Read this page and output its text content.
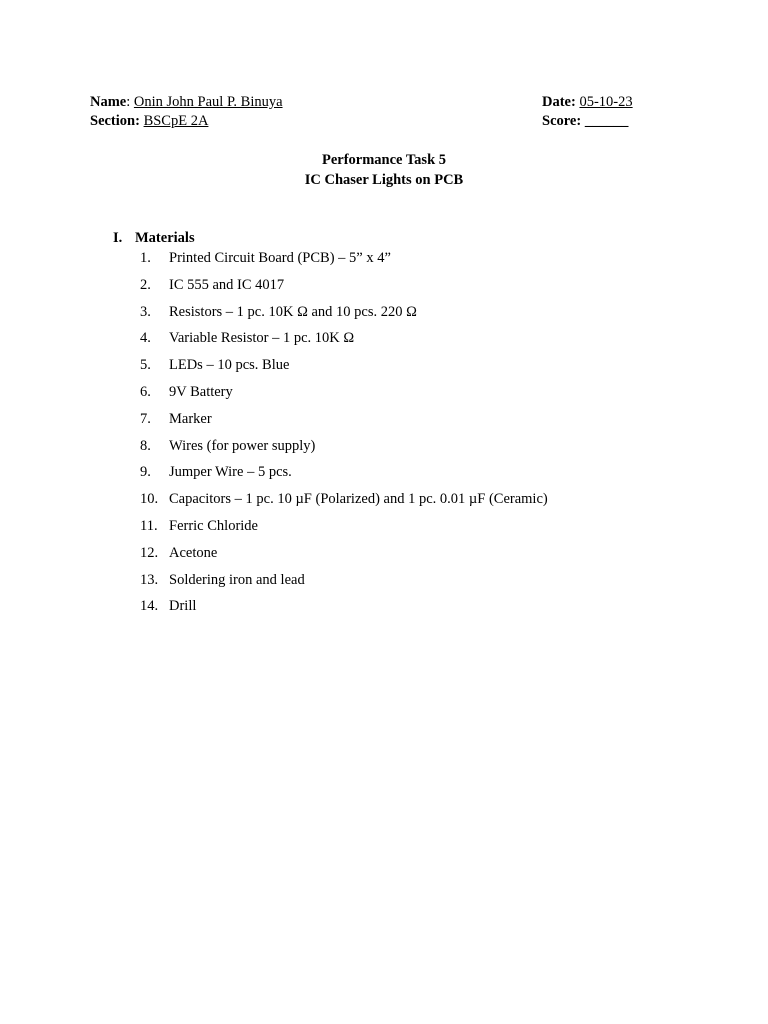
Name: Onin John Paul P. Binuya	Date: 05-10-23
Section: BSCpE 2A	Score: ______
Performance Task 5
IC Chaser Lights on PCB
I. Materials
1. Printed Circuit Board (PCB) – 5” x 4”
2. IC 555 and IC 4017
3. Resistors – 1 pc. 10K Ω and 10 pcs. 220 Ω
4. Variable Resistor – 1 pc. 10K Ω
5. LEDs – 10 pcs. Blue
6. 9V Battery
7. Marker
8. Wires (for power supply)
9. Jumper Wire – 5 pcs.
10. Capacitors – 1 pc. 10 µF (Polarized) and 1 pc. 0.01 µF (Ceramic)
11. Ferric Chloride
12. Acetone
13. Soldering iron and lead
14. Drill
